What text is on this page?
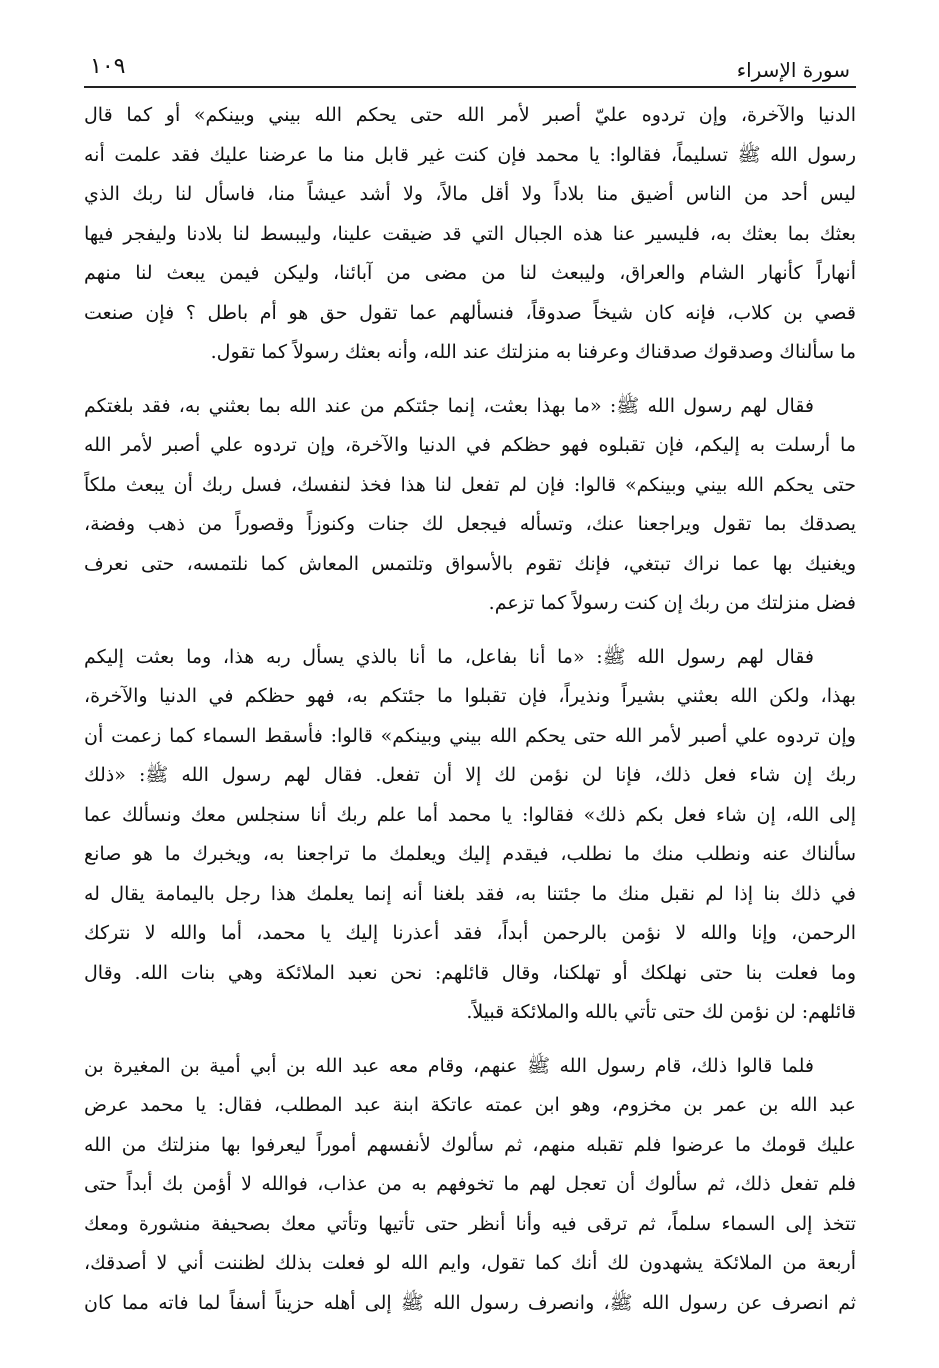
سورة الإسراء
١٠٩
الدنيا والآخرة، وإن تردوه عليّ أصبر لأمر الله حتى يحكم الله بيني وبينكم» أو كما قال
رسول الله ﷺ تسليماً، فقالوا: يا محمد فإن كنت غير قابل منا ما عرضنا عليك فقد علمت أنه
ليس أحد من الناس أضيق منا بلاداً ولا أقل مالاً، ولا أشد عيشاً منا، فاسأل لنا ربك الذي
بعثك بما بعثك به، فليسير عنا هذه الجبال التي قد ضيقت علينا، وليبسط لنا بلادنا وليفجر فيها
أنهاراً كأنهار الشام والعراق، وليبعث لنا من مضى من آبائنا، وليكن فيمن يبعث لنا منهم
قصي بن كلاب، فإنه كان شيخاً صدوقاً، فنسألهم عما تقول حق هو أم باطل ؟ فإن صنعت
ما سألناك وصدقوك صدقناك وعرفنا به منزلتك عند الله، وأنه بعثك رسولاً كما تقول.
فقال لهم رسول الله ﷺ: «ما بهذا بعثت، إنما جئتكم من عند الله بما بعثني به، فقد بلغتكم
ما أرسلت به إليكم، فإن تقبلوه فهو حظكم في الدنيا والآخرة، وإن تردوه علي أصبر لأمر الله
حتى يحكم الله بيني وبينكم» قالوا: فإن لم تفعل لنا هذا فخذ لنفسك، فسل ربك أن يبعث ملكاً
يصدقك بما تقول ويراجعنا عنك، وتسأله فيجعل لك جنات وكنوزاً وقصوراً من ذهب وفضة،
ويغنيك بها عما نراك تبتغي، فإنك تقوم بالأسواق وتلتمس المعاش كما نلتمسه، حتى نعرف
فضل منزلتك من ربك إن كنت رسولاً كما تزعم.
فقال لهم رسول الله ﷺ: «ما أنا بفاعل، ما أنا بالذي يسأل ربه هذا، وما بعثت إليكم
بهذا، ولكن الله بعثني بشيراً ونذيراً، فإن تقبلوا ما جئتكم به، فهو حظكم في الدنيا والآخرة،
وإن تردوه علي أصبر لأمر الله حتى يحكم الله بيني وبينكم» قالوا: فأسقط السماء كما زعمت أن
ربك إن شاء فعل ذلك، فإنا لن نؤمن لك إلا أن تفعل. فقال لهم رسول الله ﷺ: «ذلك
إلى الله، إن شاء فعل بكم ذلك» فقالوا: يا محمد أما علم ربك أنا سنجلس معك ونسألك عما
سألناك عنه ونطلب منك ما نطلب، فيقدم إليك ويعلمك ما تراجعنا به، ويخبرك ما هو صانع
في ذلك بنا إذا لم نقبل منك ما جئتنا به، فقد بلغنا أنه إنما يعلمك هذا رجل باليمامة يقال له
الرحمن، وإنا والله لا نؤمن بالرحمن أبداً، فقد أعذرنا إليك يا محمد، أما والله لا نتركك
وما فعلت بنا حتى نهلكك أو تهلكنا، وقال قائلهم: نحن نعبد الملائكة وهي بنات الله. وقال
قائلهم: لن نؤمن لك حتى تأتي بالله والملائكة قبيلاً.
فلما قالوا ذلك، قام رسول الله ﷺ عنهم، وقام معه عبد الله بن أبي أمية بن المغيرة بن
عبد الله بن عمر بن مخزوم، وهو ابن عمته عاتكة ابنة عبد المطلب، فقال: يا محمد عرض
عليك قومك ما عرضوا فلم تقبله منهم، ثم سألوك لأنفسهم أموراً ليعرفوا بها منزلتك من الله
فلم تفعل ذلك، ثم سألوك أن تعجل لهم ما تخوفهم به من عذاب، فوالله لا أؤمن بك أبداً حتى
تتخذ إلى السماء سلماً، ثم ترقى فيه وأنا أنظر حتى تأتيها وتأتي معك بصحيفة منشورة ومعك
أربعة من الملائكة يشهدون لك أنك كما تقول، وايم الله لو فعلت بذلك لظننت أني لا أصدقك،
ثم انصرف عن رسول الله ﷺ، وانصرف رسول الله ﷺ إلى أهله حزيناً أسفاً لما فاته مما كان
